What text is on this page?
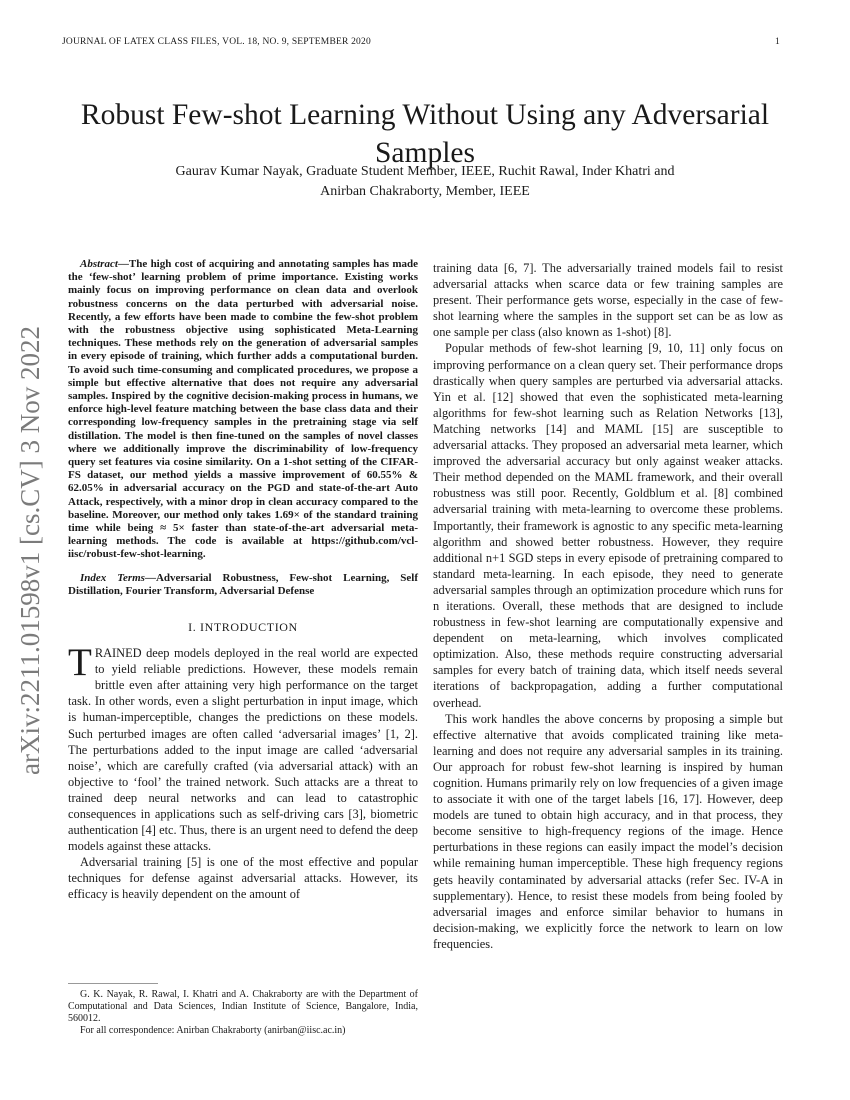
JOURNAL OF LATEX CLASS FILES, VOL. 18, NO. 9, SEPTEMBER 2020	1
arXiv:2211.01598v1 [cs.CV] 3 Nov 2022
Robust Few-shot Learning Without Using any Adversarial Samples
Gaurav Kumar Nayak, Graduate Student Member, IEEE, Ruchit Rawal, Inder Khatri and
Anirban Chakraborty, Member, IEEE

Abstract—The high cost of acquiring and annotating samples has made the ‘few-shot’ learning problem of prime importance. Existing works mainly focus on improving performance on clean data and overlook robustness concerns on the data perturbed with adversarial noise. Recently, a few efforts have been made to combine the few-shot problem with the robustness objective using sophisticated Meta-Learning techniques. These methods rely on the generation of adversarial samples in every episode of training, which further adds a computational burden. To avoid such time-consuming and complicated procedures, we propose a simple but effective alternative that does not require any adversarial samples. Inspired by the cognitive decision-making process in humans, we enforce high-level feature matching between the base class data and their corresponding low-frequency samples in the pretraining stage via self distillation. The model is then fine-tuned on the samples of novel classes where we additionally improve the discriminability of low-frequency query set features via cosine similarity. On a 1-shot setting of the CIFAR-FS dataset, our method yields a massive improvement of 60.55% & 62.05% in adversarial accuracy on the PGD and state-of-the-art Auto Attack, respectively, with a minor drop in clean accuracy compared to the baseline. Moreover, our method only takes 1.69× of the standard training time while being ≈ 5× faster than state-of-the-art adversarial meta-learning methods. The code is available at https://github.com/vcl-iisc/robust-few-shot-learning.

Index Terms—Adversarial Robustness, Few-shot Learning, Self Distillation, Fourier Transform, Adversarial Defense

I. INTRODUCTION

TRAINED deep models deployed in the real world are expected to yield reliable predictions. However, these models remain brittle even after attaining very high performance on the target task. In other words, even a slight perturbation in input image, which is human-imperceptible, changes the predictions on these models. Such perturbed images are often called ‘adversarial images’ [1, 2]. The perturbations added to the input image are called ‘adversarial noise’, which are carefully crafted (via adversarial attack) with an objective to ‘fool’ the trained network. Such attacks are a threat to trained deep neural networks and can lead to catastrophic consequences in applications such as self-driving cars [3], biometric authentication [4] etc. Thus, there is an urgent need to defend the deep models against these attacks.

Adversarial training [5] is one of the most effective and popular techniques for defense against adversarial attacks. However, its efficacy is heavily dependent on the amount of

G. K. Nayak, R. Rawal, I. Khatri and A. Chakraborty are with the Department of Computational and Data Sciences, Indian Institute of Science, Bangalore, India, 560012.

For all correspondence: Anirban Chakraborty (anirban@iisc.ac.in)

training data [6, 7]. The adversarially trained models fail to resist adversarial attacks when scarce data or few training samples are present. Their performance gets worse, especially in the case of few-shot learning where the samples in the support set can be as low as one sample per class (also known as 1-shot) [8].

Popular methods of few-shot learning [9, 10, 11] only focus on improving performance on a clean query set. Their performance drops drastically when query samples are perturbed via adversarial attacks. Yin et al. [12] showed that even the sophisticated meta-learning algorithms for few-shot learning such as Relation Networks [13], Matching networks [14] and MAML [15] are susceptible to adversarial attacks. They proposed an adversarial meta learner, which improved the adversarial accuracy but only against weaker attacks. Their method depended on the MAML framework, and their overall robustness was still poor. Recently, Goldblum et al. [8] combined adversarial training with meta-learning to overcome these problems. Importantly, their framework is agnostic to any specific meta-learning algorithm and showed better robustness. However, they require additional n+1 SGD steps in every episode of pretraining compared to standard meta-learning. In each episode, they need to generate adversarial samples through an optimization procedure which runs for n iterations. Overall, these methods that are designed to include robustness in few-shot learning are computationally expensive and dependent on meta-learning, which involves complicated optimization. Also, these methods require constructing adversarial samples for every batch of training data, which itself needs several iterations of backpropagation, adding a further computational overhead.

This work handles the above concerns by proposing a simple but effective alternative that avoids complicated training like meta-learning and does not require any adversarial samples in its training. Our approach for robust few-shot learning is inspired by human cognition. Humans primarily rely on low frequencies of a given image to associate it with one of the target labels [16, 17]. However, deep models are tuned to obtain high accuracy, and in that process, they become sensitive to high-frequency regions of the image. Hence perturbations in these regions can easily impact the model’s decision while remaining human imperceptible. These high frequency regions gets heavily contaminated by adversarial attacks (refer Sec. IV-A in supplementary). Hence, to resist these models from being fooled by adversarial images and enforce similar behavior to humans in decision-making, we explicitly force the network to learn on low frequencies.
